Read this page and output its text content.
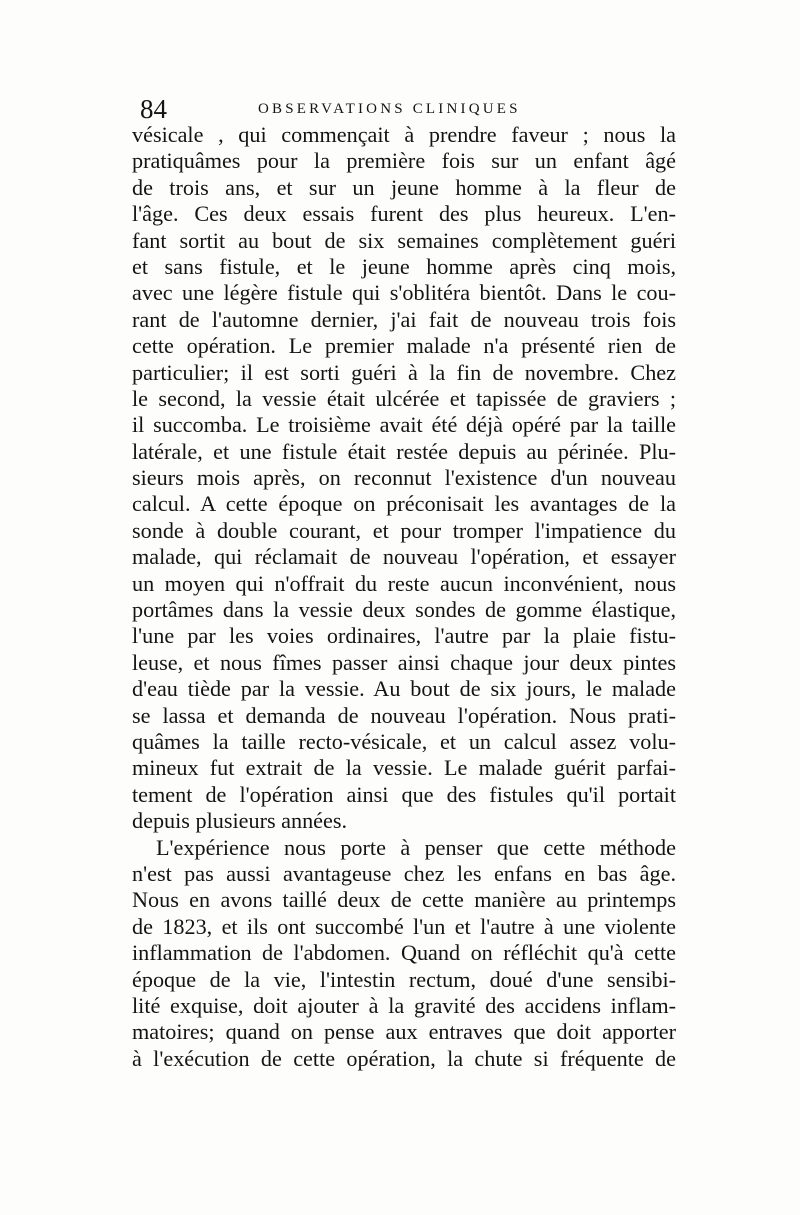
84	OBSERVATIONS CLINIQUES
vésicale , qui commençait à prendre faveur ; nous la
pratiquâmes pour la première fois sur un enfant âgé
de trois ans, et sur un jeune homme à la fleur de
l'âge. Ces deux essais furent des plus heureux. L'en-
fant sortit au bout de six semaines complètement guéri
et sans fistule, et le jeune homme après cinq mois,
avec une légère fistule qui s'oblitéra bientôt. Dans le cou-
rant de l'automne dernier, j'ai fait de nouveau trois fois
cette opération. Le premier malade n'a présenté rien de
particulier; il est sorti guéri à la fin de novembre. Chez
le second, la vessie était ulcérée et tapissée de graviers ;
il succomba. Le troisième avait été déjà opéré par la taille
latérale, et une fistule était restée depuis au périnée. Plu-
sieurs mois après, on reconnut l'existence d'un nouveau
calcul. A cette époque on préconisait les avantages de la
sonde à double courant, et pour tromper l'impatience du
malade, qui réclamait de nouveau l'opération, et essayer
un moyen qui n'offrait du reste aucun inconvénient, nous
portâmes dans la vessie deux sondes de gomme élastique,
l'une par les voies ordinaires, l'autre par la plaie fistu-
leuse, et nous fîmes passer ainsi chaque jour deux pintes
d'eau tiède par la vessie. Au bout de six jours, le malade
se lassa et demanda de nouveau l'opération. Nous prati-
quâmes la taille recto-vésicale, et un calcul assez volu-
mineux fut extrait de la vessie. Le malade guérit parfai-
tement de l'opération ainsi que des fistules qu'il portait
depuis plusieurs années.
L'expérience nous porte à penser que cette méthode
n'est pas aussi avantageuse chez les enfans en bas âge.
Nous en avons taillé deux de cette manière au printemps
de 1823, et ils ont succombé l'un et l'autre à une violente
inflammation de l'abdomen. Quand on réfléchit qu'à cette
époque de la vie, l'intestin rectum, doué d'une sensibi-
lité exquise, doit ajouter à la gravité des accidens inflam-
matoires; quand on pense aux entraves que doit apporter
à l'exécution de cette opération, la chute si fréquente de
